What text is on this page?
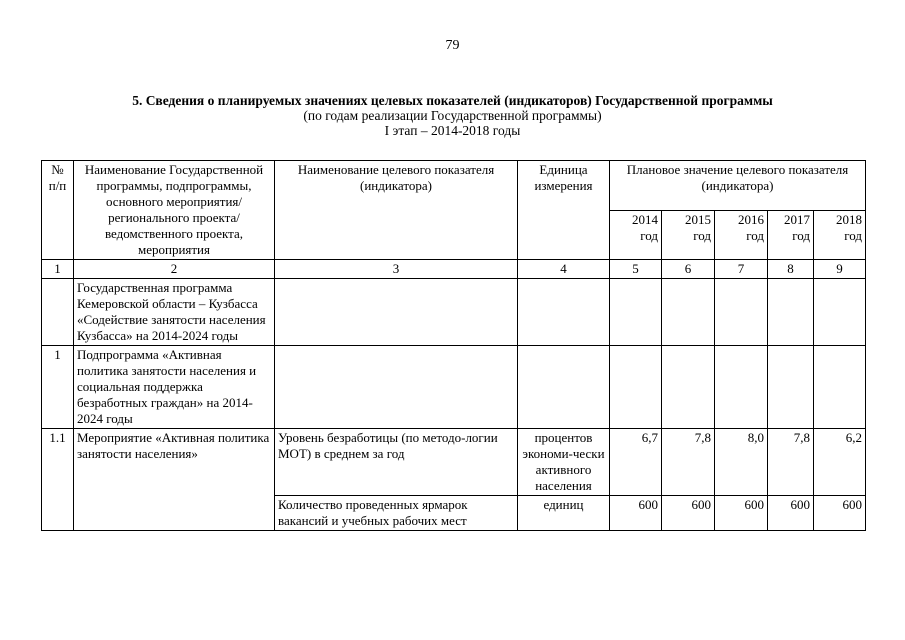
79
5. Сведения о планируемых значениях целевых показателей (индикаторов) Государственной программы
(по годам реализации Государственной программы)
I этап – 2014-2018 годы
№ п/п	Наименование Государственной программы, подпрограммы, основного мероприятия/регионального проекта/ведомственного проекта, мероприятия	Наименование целевого показателя (индикатора)	Единица измерения	Плановое значение целевого показателя (индикатора)				
				2014 год	2015 год	2016 год	2017 год	2018 год
1	2	3	4	5	6	7	8	9
	Государственная программа Кемеровской области – Кузбасса «Содействие занятости населения Кузбасса» на 2014-2024 годы							
1	Подпрограмма «Активная политика занятости населения и социальная поддержка безработных граждан» на 2014-2024 годы							
1.1	Мероприятие «Активная политика занятости населения»	Уровень безработицы (по методо-логии МОТ) в среднем за год	процентов экономи-чески активного населения	6,7	7,8	8,0	7,8	6,2
		Количество проведенных ярмарок вакансий и учебных рабочих мест	единиц	600	600	600	600	600
